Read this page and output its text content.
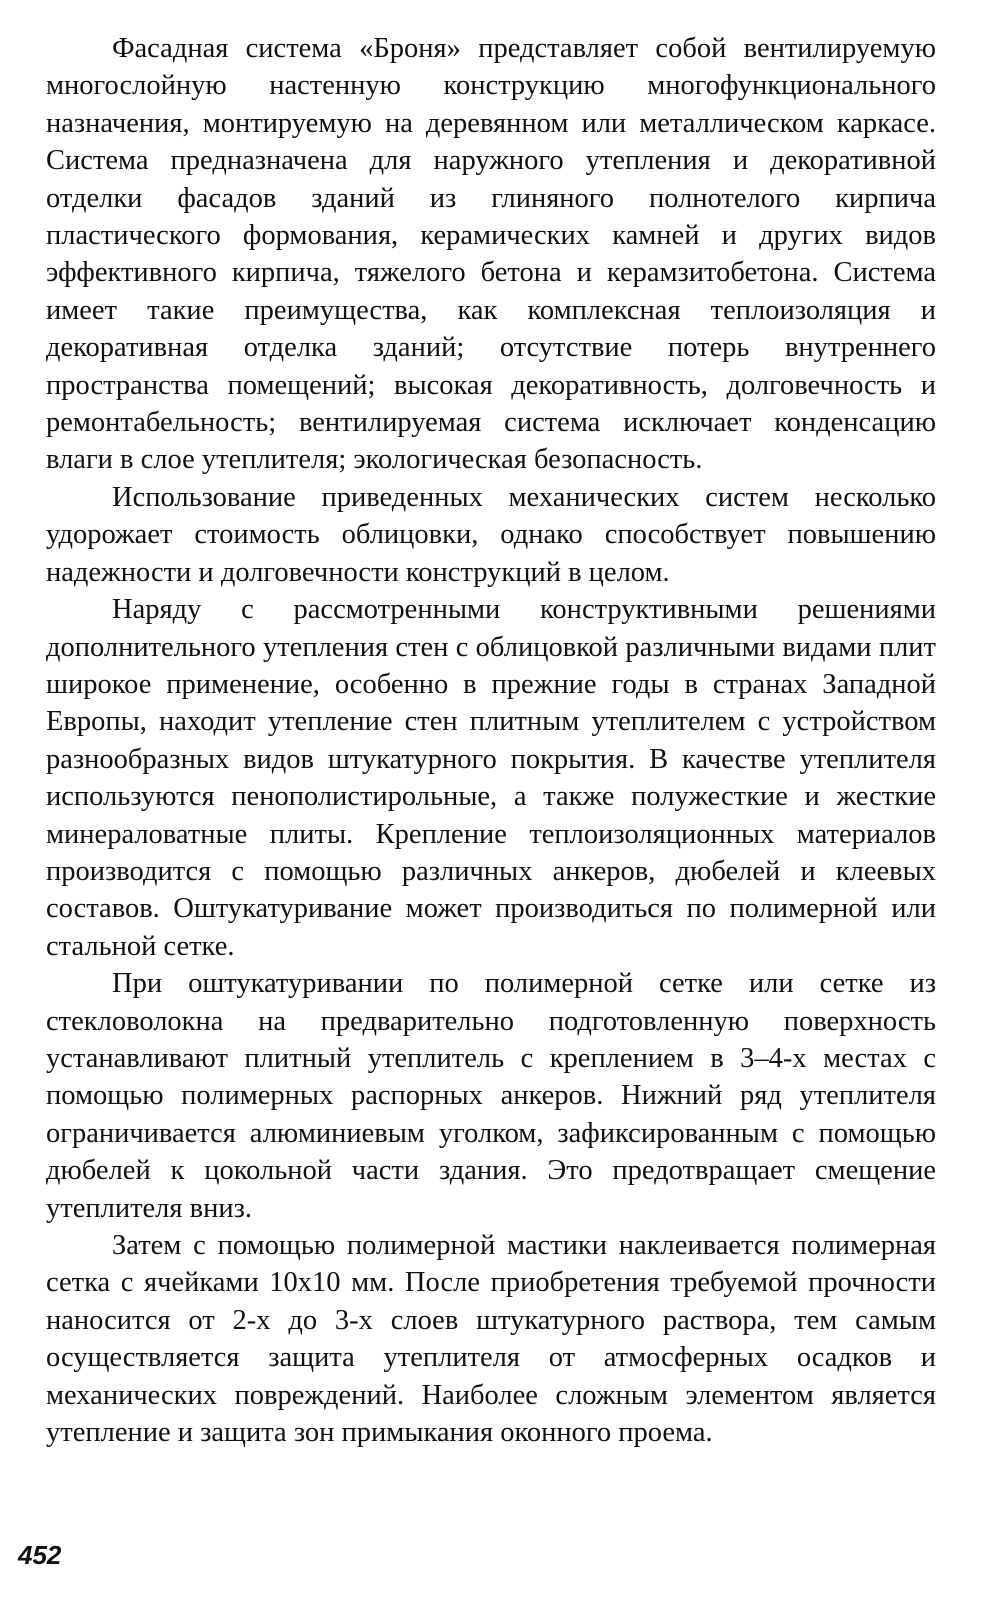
Фасадная система «Броня» представляет собой вентилируемую многослойную настенную конструкцию многофункционального назначения, монтируемую на деревянном или металлическом каркасе. Система предназначена для наружного утепления и декоративной отделки фасадов зданий из глиняного полнотелого кирпича пластического формования, керамических камней и других видов эффективного кирпича, тяжелого бетона и керамзитобетона. Система имеет такие преимущества, как комплексная теплоизоляция и декоративная отделка зданий; отсутствие потерь внутреннего пространства помещений; высокая декоративность, долговечность и ремонтабельность; вентилируемая система исключает конденсацию влаги в слое утеплителя; экологическая безопасность.

Использование приведенных механических систем несколько удорожает стоимость облицовки, однако способствует повышению надежности и долговечности конструкций в целом.

Наряду с рассмотренными конструктивными решениями дополнительного утепления стен с облицовкой различными видами плит широкое применение, особенно в прежние годы в странах Западной Европы, находит утепление стен плитным утеплителем с устройством разнообразных видов штукатурного покрытия. В качестве утеплителя используются пенополистирольные, а также полужесткие и жесткие минераловатные плиты. Крепление теплоизоляционных материалов производится с помощью различных анкеров, дюбелей и клеевых составов. Оштукатуривание может производиться по полимерной или стальной сетке.

При оштукатуривании по полимерной сетке или сетке из стекловолокна на предварительно подготовленную поверхность устанавливают плитный утеплитель с креплением в 3–4-х местах с помощью полимерных распорных анкеров. Нижний ряд утеплителя ограничивается алюминиевым уголком, зафиксированным с помощью дюбелей к цокольной части здания. Это предотвращает смещение утеплителя вниз.

Затем с помощью полимерной мастики наклеивается полимерная сетка с ячейками 10х10 мм. После приобретения требуемой прочности наносится от 2-х до 3-х слоев штукатурного раствора, тем самым осуществляется защита утеплителя от атмосферных осадков и механических повреждений. Наиболее сложным элементом является утепление и защита зон примыкания оконного проема.

452
